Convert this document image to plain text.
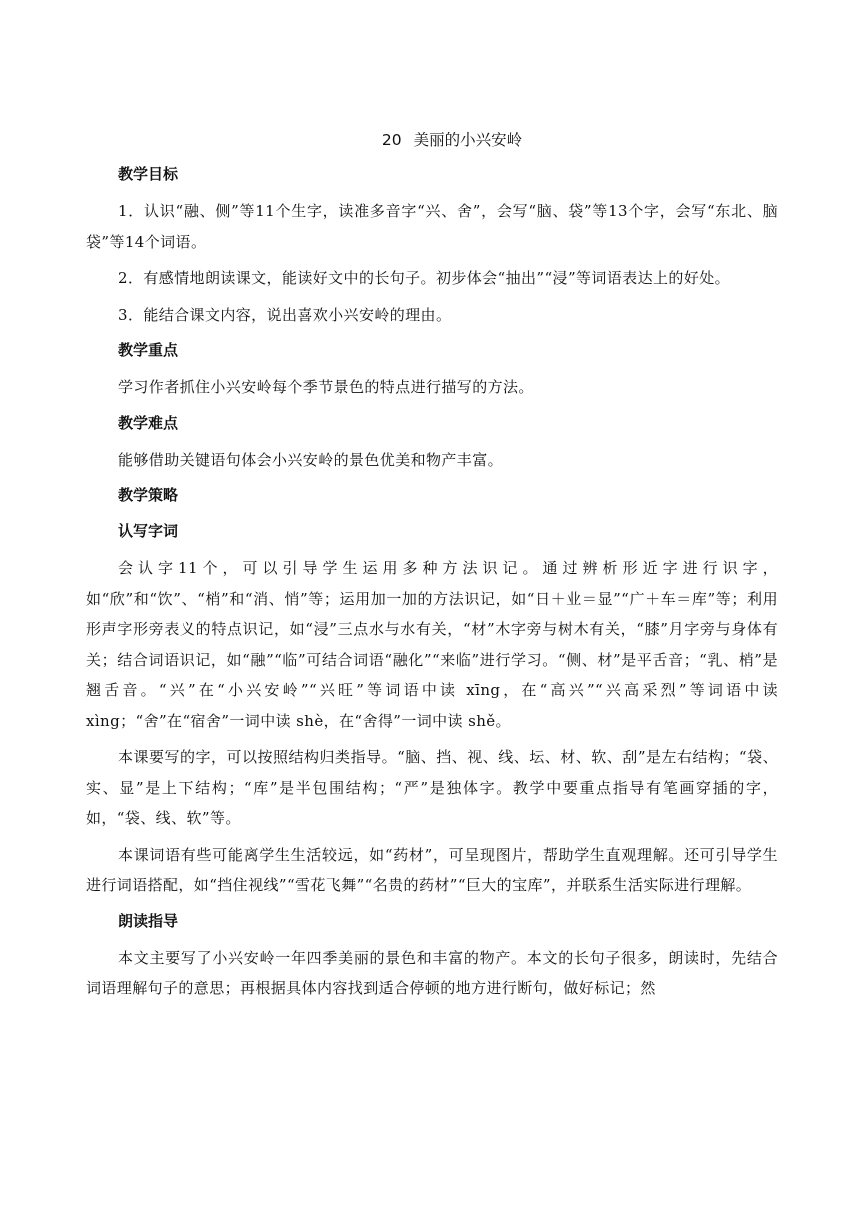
20 美丽的小兴安岭
教学目标

1．认识“融、侧”等11个生字，读准多音字“兴、舍”，会写“脑、袋”等13个字，会写“东北、脑袋”等14个词语。

2．有感情地朗读课文，能读好文中的长句子。初步体会“抽出”“浸”等词语表达上的好处。

3．能结合课文内容，说出喜欢小兴安岭的理由。

教学重点

学习作者抓住小兴安岭每个季节景色的特点进行描写的方法。

教学难点

能够借助关键语句体会小兴安岭的景色优美和物产丰富。

教学策略
认写字词

会认字11个，可以引导学生运用多种方法识记。通过辨析形近字进行识字，如“欣”和“饮”、“梢”和“消、悄”等；运用加一加的方法识记，如“日＋业＝显”“广＋车＝库”等；利用形声字形旁表义的特点识记，如“浸”三点水与水有关，“材”木字旁与树木有关，“膝”月字旁与身体有关；结合词语识记，如“融”“临”可结合词语“融化”“来临”进行学习。“侧、材”是平舌音；“乳、梢”是翘舌音。“兴”在“小兴安岭”“兴旺”等词语中读 xīng，在“高兴”“兴高采烈”等词语中读 xìng；“舍”在“宿舍”一词中读 shè，在“舍得”一词中读 shě。

本课要写的字，可以按照结构归类指导。“脑、挡、视、线、坛、材、软、刮”是左右结构；“袋、实、显”是上下结构；“库”是半包围结构；“严”是独体字。教学中要重点指导有笔画穿插的字，如，“袋、线、软”等。

本课词语有些可能离学生生活较远，如“药材”，可呈现图片，帮助学生直观理解。还可引导学生进行词语搭配，如“挡住视线”“雪花飞舞”“名贵的药材”“巨大的宝库”，并联系生活实际进行理解。

朗读指导

本文主要写了小兴安岭一年四季美丽的景色和丰富的物产。本文的长句子很多，朗读时，先结合词语理解句子的意思；再根据具体内容找到适合停顿的地方进行断句，做好标记；然
